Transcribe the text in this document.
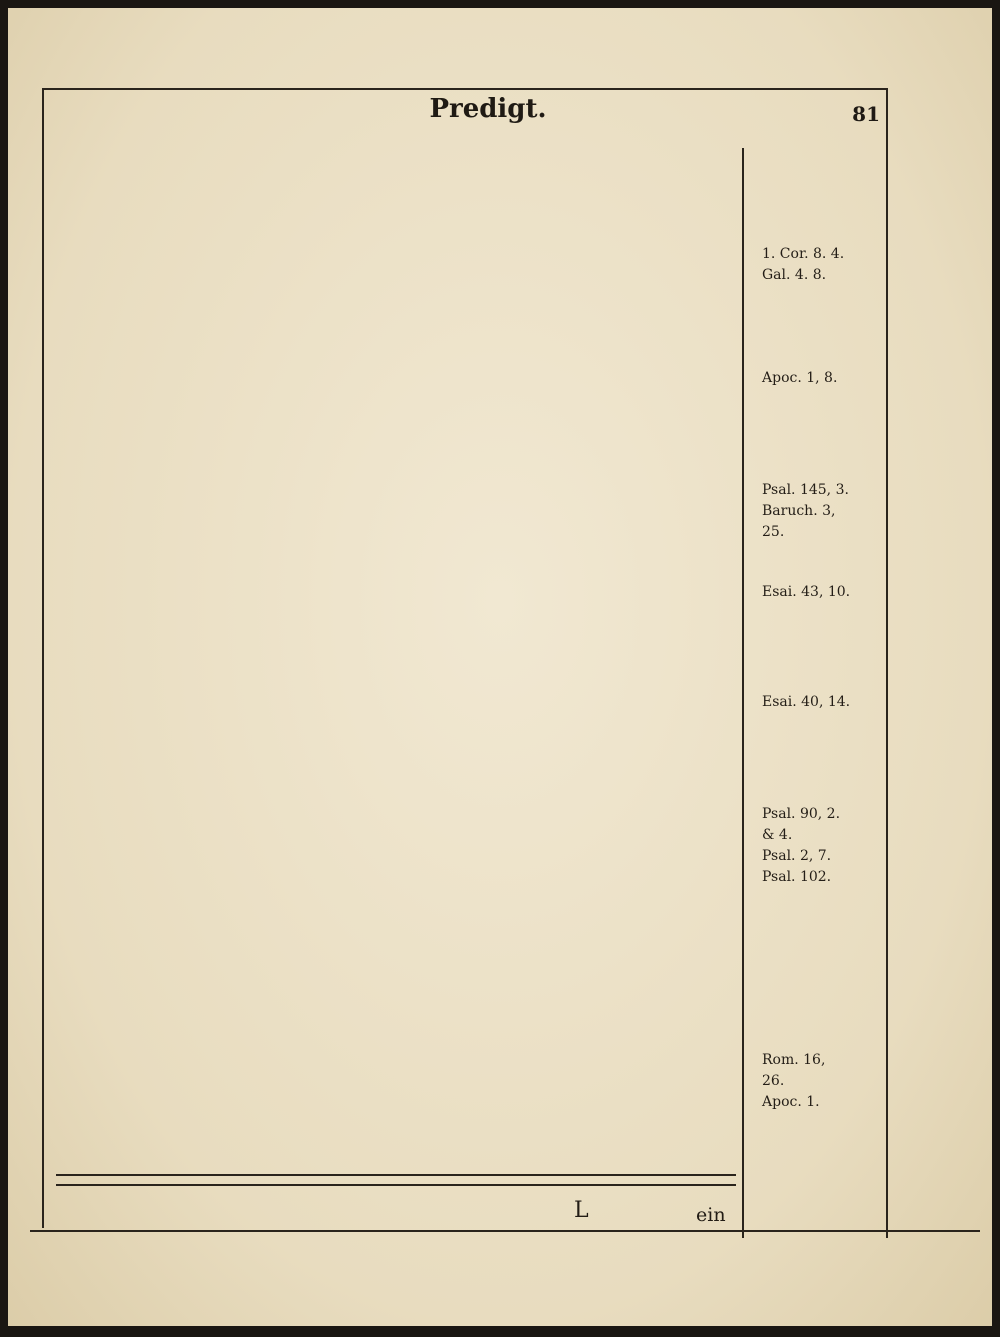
Predigt.	81
1. Cor. 8. 4.
Gal. 4. 8.
Apoc. 1, 8.
Psal. 145, 3.
Baruch. 3,
25.
Esai. 43, 10.
Esai. 40, 14.
Psal. 90, 2.
& 4.
Psal. 2, 7.
Psal. 102.
Rom. 16,
26.
Apoc. 1.
L	ein
